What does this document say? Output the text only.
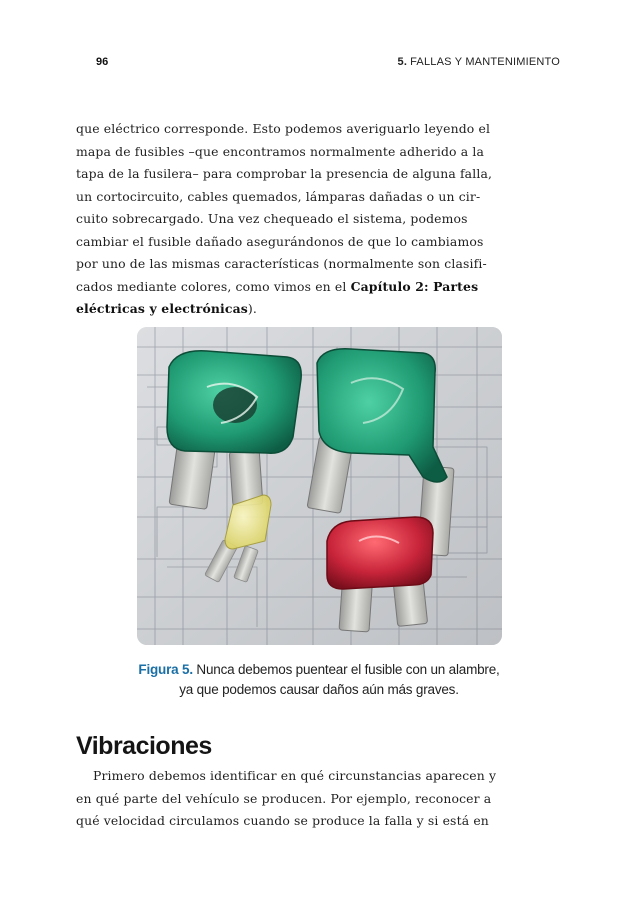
96	5. FALLAS Y MANTENIMIENTO

que eléctrico corresponde. Esto podemos averiguarlo leyendo el
mapa de fusibles –que encontramos normalmente adherido a la
tapa de la fusilera– para comprobar la presencia de alguna falla,
un cortocircuito, cables quemados, lámparas dañadas o un cir-
cuito sobrecargado. Una vez chequeado el sistema, podemos
cambiar el fusible dañado asegurándonos de que lo cambiamos
por uno de las mismas características (normalmente son clasifi-
cados mediante colores, como vimos en el Capítulo 2: Partes
eléctricas y electrónicas).

Figura 5. Nunca debemos puentear el fusible con un alambre,
ya que podemos causar daños aún más graves.
Vibraciones

Primero debemos identificar en qué circunstancias aparecen y
en qué parte del vehículo se producen. Por ejemplo, reconocer a
qué velocidad circulamos cuando se produce la falla y si está en
